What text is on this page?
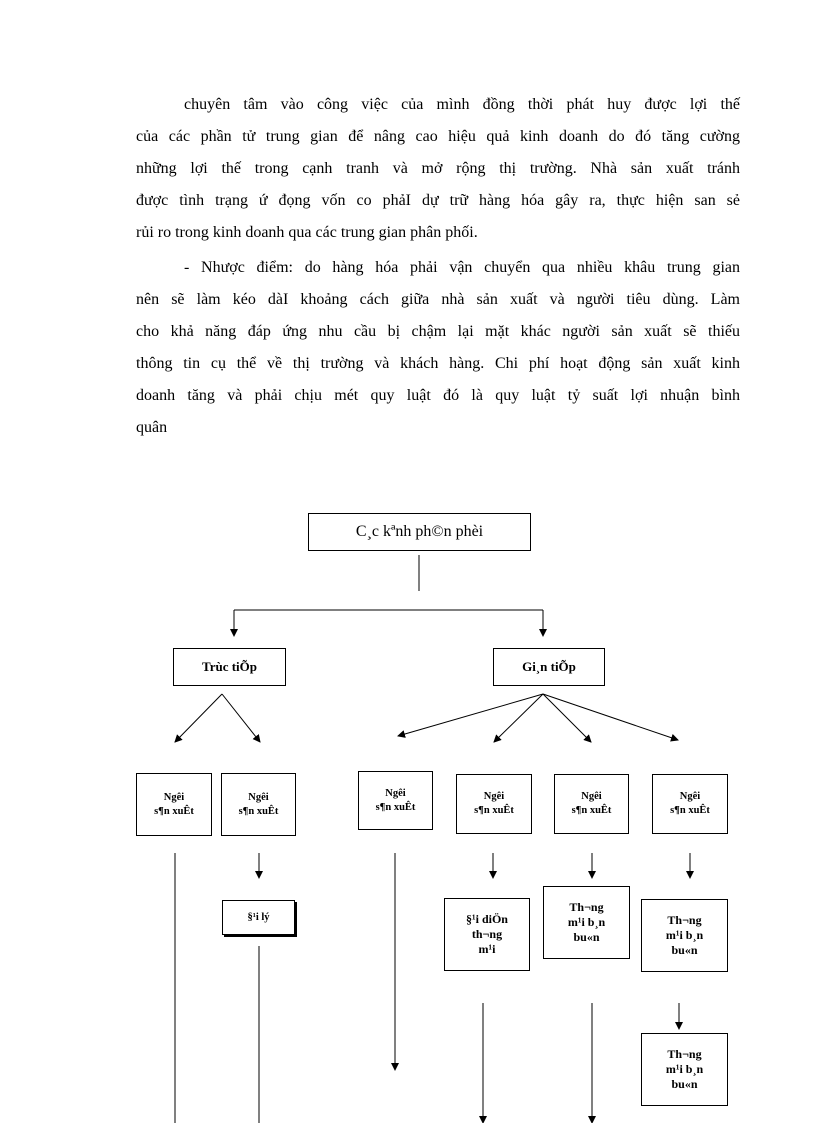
chuyên tâm vào công việc của mình đồng thời phát huy được lợi thế
của các phần tử trung gian để nâng cao hiệu quả kinh doanh do đó tăng cường
những lợi thế trong cạnh tranh và mở rộng thị trường. Nhà sản xuất tránh
được tình trạng ứ đọng vốn co phảI dự trữ hàng hóa gây ra, thực hiện san sẻ
rủi ro trong kinh doanh qua các trung gian phân phối.
- Nhược điểm: do hàng hóa phải vận chuyển qua nhiều khâu trung gian
nên sẽ làm kéo dàI khoảng cách giữa nhà sản xuất và người tiêu dùng. Làm
cho khả năng đáp ứng nhu cầu bị chậm lại mặt khác người sản xuất sẽ thiếu
thông tin cụ thể về thị trường và khách hàng. Chi phí hoạt động sản xuất kinh
doanh tăng và phải chịu mét quy luật đó là quy luật tỷ suất lợi nhuận bình
quân
C¸c kªnh ph©n phèi
Trùc tiÕp	Gi¸n tiÕp
Ngêi
s¶n xuÊt
Ngêi
s¶n xuÊt
Ngêi
s¶n xuÊt
Ngêi
s¶n xuÊt
Ngêi
s¶n xuÊt
Ngêi
s¶n xuÊt
§¹i lý	§¹i diÖn
th¬ng
m¹i
Th¬ng
m¹i b¸n
bu«n
Th¬ng
m¹i b¸n
bu«n
Th¬ng
m¹i b¸n
bu«n
